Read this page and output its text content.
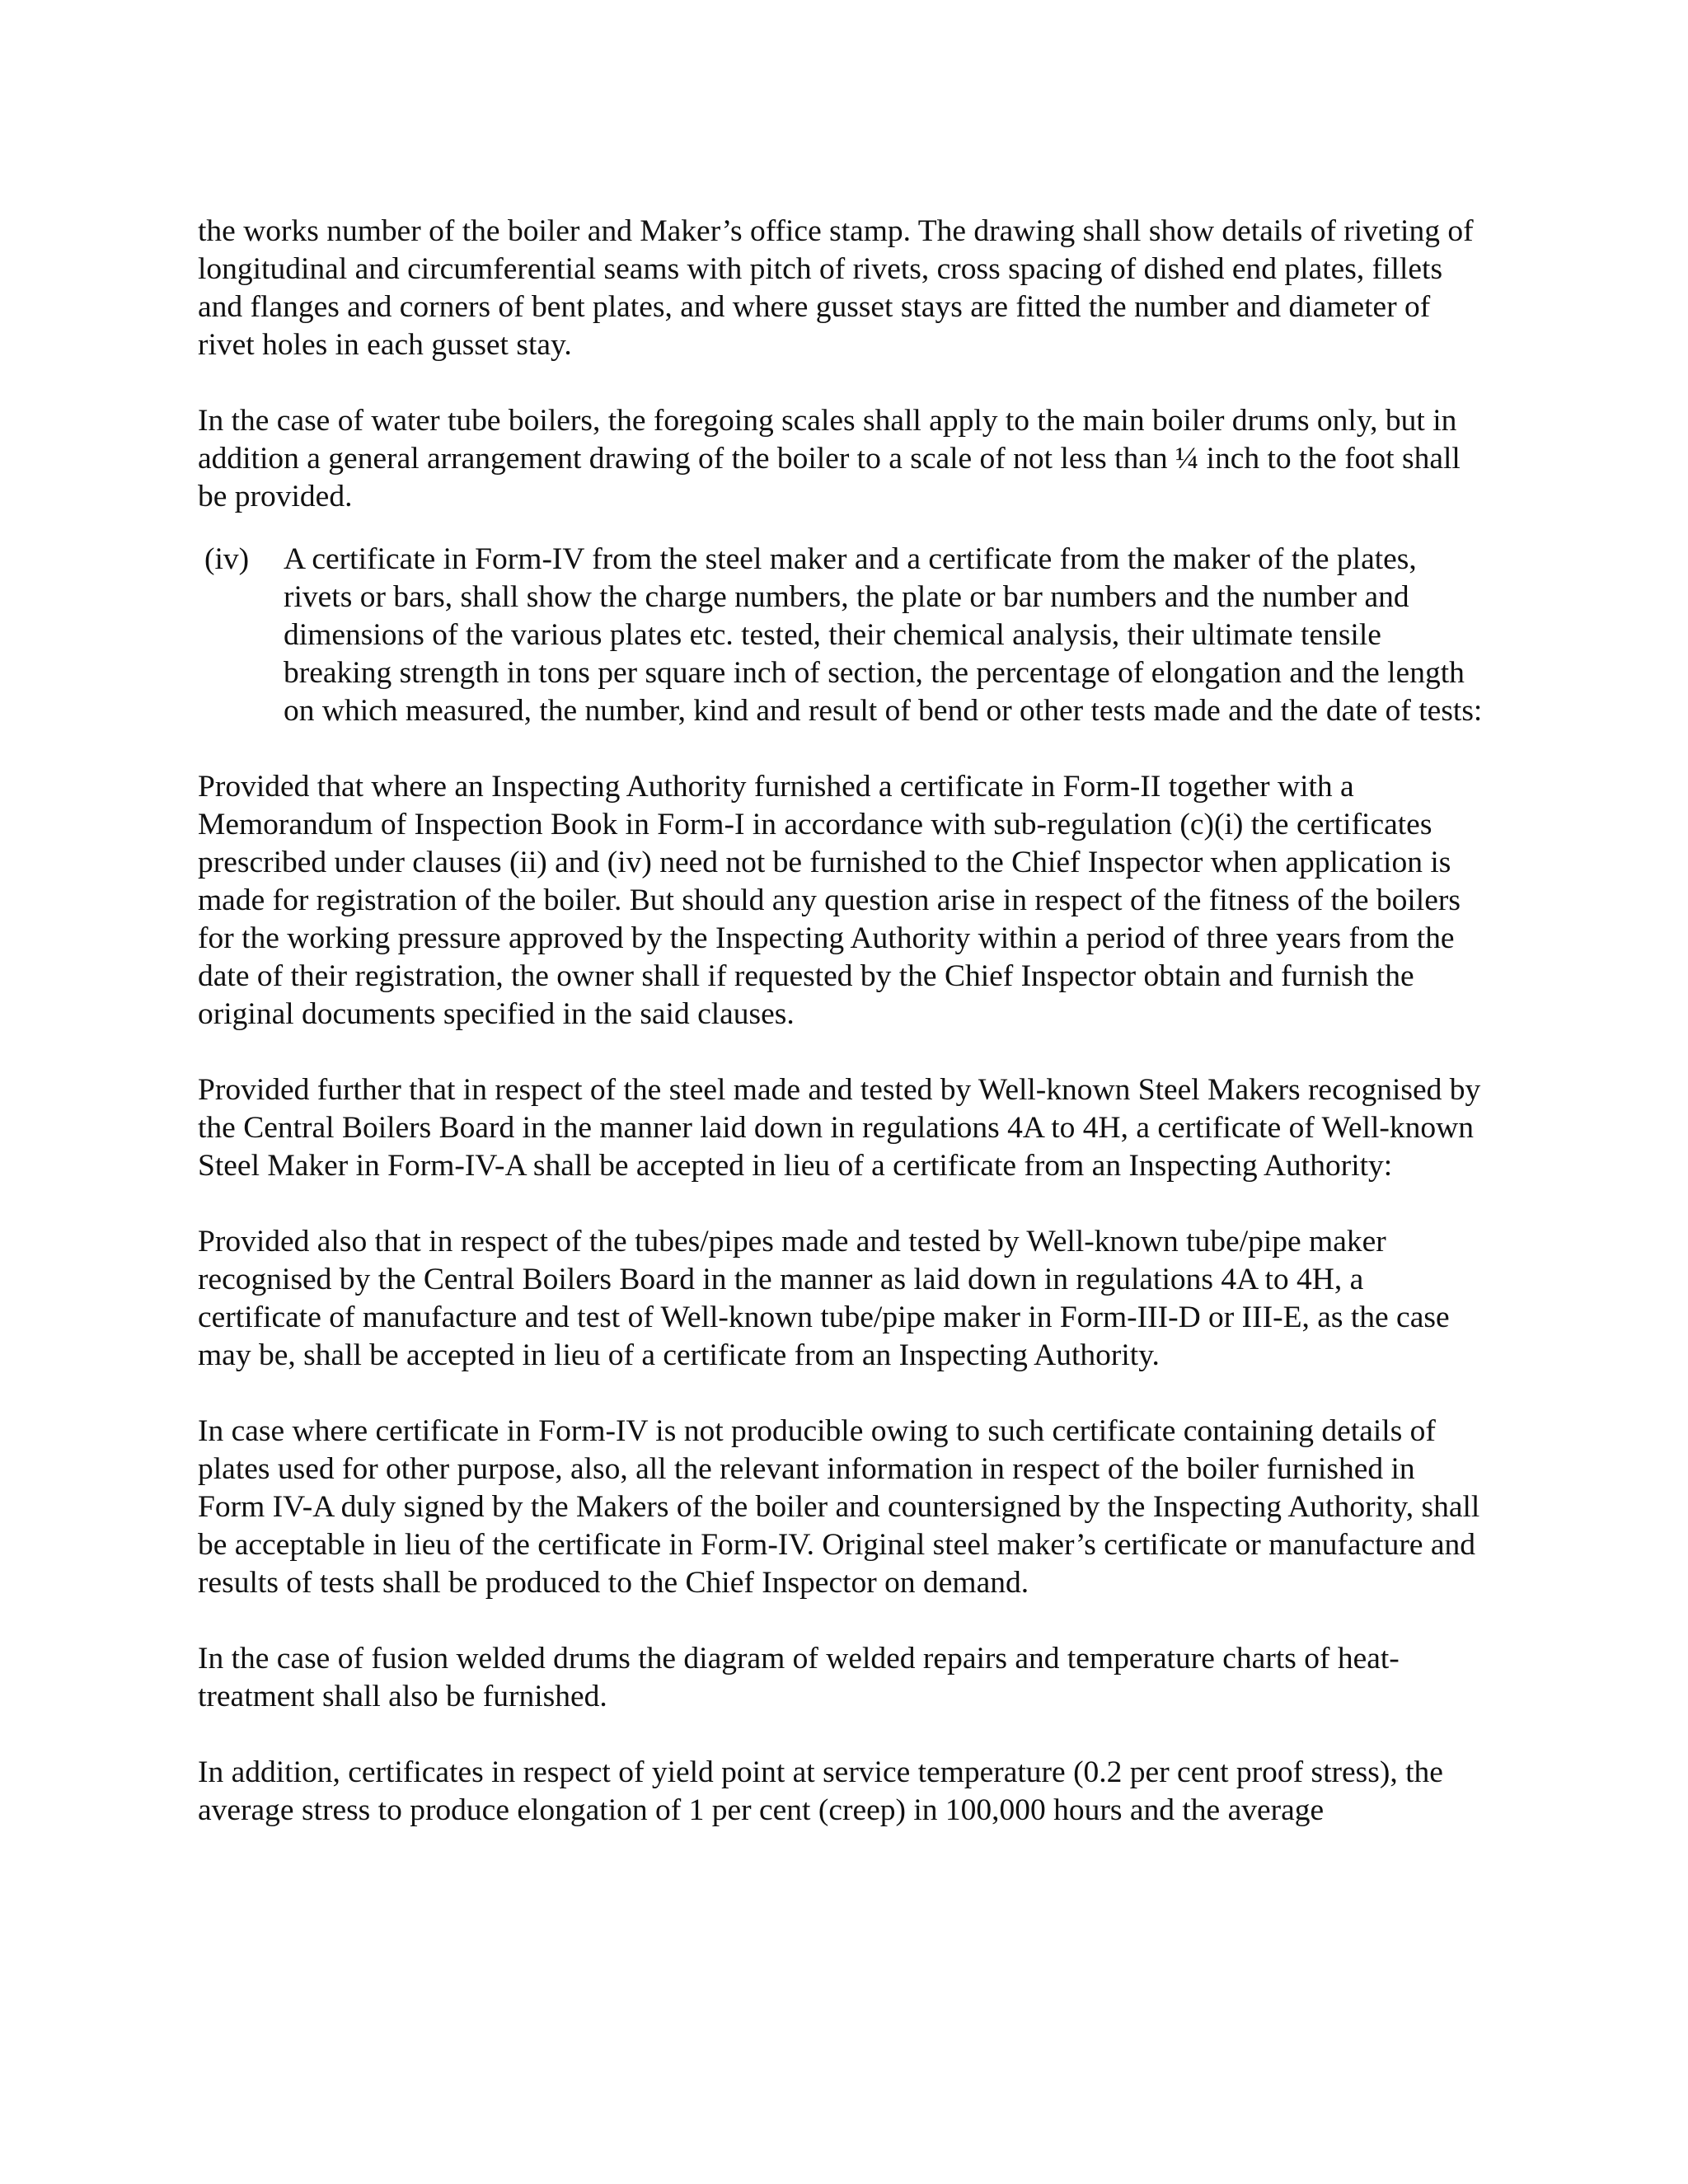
the works number of the boiler and Maker’s office stamp. The drawing shall show details of riveting of longitudinal and circumferential seams with pitch of rivets, cross spacing of dished end plates, fillets and flanges and corners of bent plates, and where gusset stays are fitted the number and diameter of rivet holes in each gusset stay.

In the case of water tube boilers, the foregoing scales shall apply to the main boiler drums only, but in addition a general arrangement drawing of the boiler to a scale of not less than ¼ inch to the foot shall be provided.

(iv) A certificate in Form-IV from the steel maker and a certificate from the maker of the plates, rivets or bars, shall show the charge numbers, the plate or bar numbers and the number and dimensions of the various plates etc. tested, their chemical analysis, their ultimate tensile breaking strength in tons per square inch of section, the percentage of elongation and the length on which measured, the number, kind and result of bend or other tests made and the date of tests:

Provided that where an Inspecting Authority furnished a certificate in Form-II together with a Memorandum of Inspection Book in Form-I in accordance with sub-regulation (c)(i) the certificates prescribed under clauses (ii) and (iv) need not be furnished to the Chief Inspector when application is made for registration of the boiler. But should any question arise in respect of the fitness of the boilers for the working pressure approved by the Inspecting Authority within a period of three years from the date of their registration, the owner shall if requested by the Chief Inspector obtain and furnish the original documents specified in the said clauses.

Provided further that in respect of the steel made and tested by Well-known Steel Makers recognised by the Central Boilers Board in the manner laid down in regulations 4A to 4H, a certificate of Well-known Steel Maker in Form-IV-A shall be accepted in lieu of a certificate from an Inspecting Authority:

Provided also that in respect of the tubes/pipes made and tested by Well-known tube/pipe maker recognised by the Central Boilers Board in the manner as laid down in regulations 4A to 4H, a certificate of manufacture and test of Well-known tube/pipe maker in Form-III-D or III-E, as the case may be, shall be accepted in lieu of a certificate from an Inspecting Authority.

In case where certificate in Form-IV is not producible owing to such certificate containing details of plates used for other purpose, also, all the relevant information in respect of the boiler furnished in Form IV-A duly signed by the Makers of the boiler and countersigned by the Inspecting Authority, shall be acceptable in lieu of the certificate in Form-IV. Original steel maker’s certificate or manufacture and results of tests shall be produced to the Chief Inspector on demand.

In the case of fusion welded drums the diagram of welded repairs and temperature charts of heat-treatment shall also be furnished.

In addition, certificates in respect of yield point at service temperature (0.2 per cent proof stress), the average stress to produce elongation of 1 per cent (creep) in 100,000 hours and the average
